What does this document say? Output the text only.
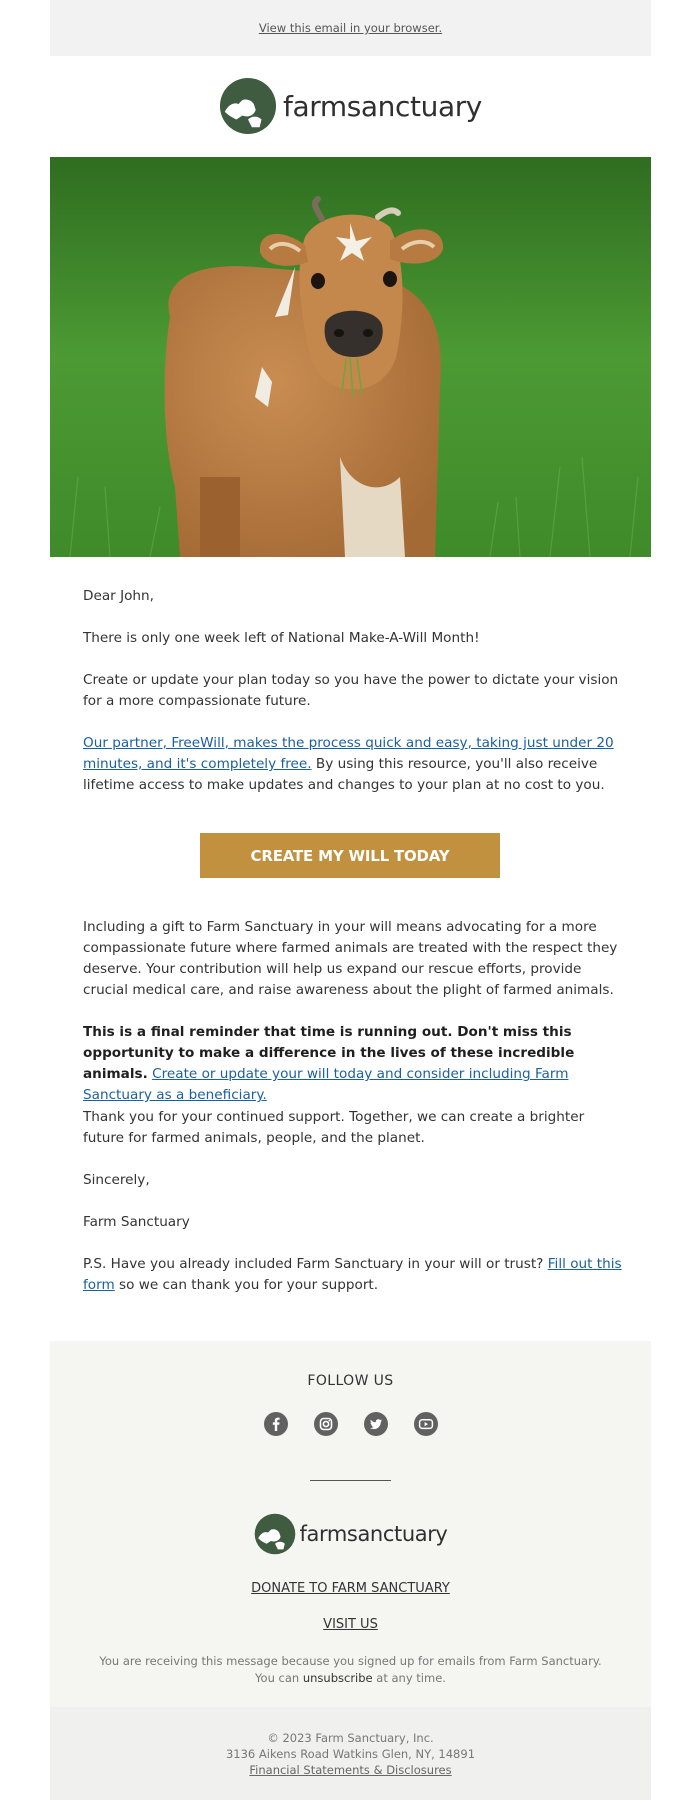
View this email in your browser.
farmsanctuary

Dear John,

There is only one week left of National Make-A-Will Month!

Create or update your plan today so you have the power to dictate your vision for a more compassionate future.

Our partner, FreeWill, makes the process quick and easy, taking just under 20 minutes, and it's completely free. By using this resource, you'll also receive lifetime access to make updates and changes to your plan at no cost to you.

CREATE MY WILL TODAY

Including a gift to Farm Sanctuary in your will means advocating for a more compassionate future where farmed animals are treated with the respect they deserve. Your contribution will help us expand our rescue efforts, provide crucial medical care, and raise awareness about the plight of farmed animals.

This is a final reminder that time is running out. Don't miss this opportunity to make a difference in the lives of these incredible animals. Create or update your will today and consider including Farm Sanctuary as a beneficiary.

Thank you for your continued support. Together, we can create a brighter future for farmed animals, people, and the planet.

Sincerely,

Farm Sanctuary

P.S. Have you already included Farm Sanctuary in your will or trust? Fill out this form so we can thank you for your support.

FOLLOW US
farmsanctuary
DONATE TO FARM SANCTUARY
VISIT US
You are receiving this message because you signed up for emails from Farm Sanctuary.
You can unsubscribe at any time.
© 2023 Farm Sanctuary, Inc.
3136 Aikens Road Watkins Glen, NY, 14891
Financial Statements & Disclosures
